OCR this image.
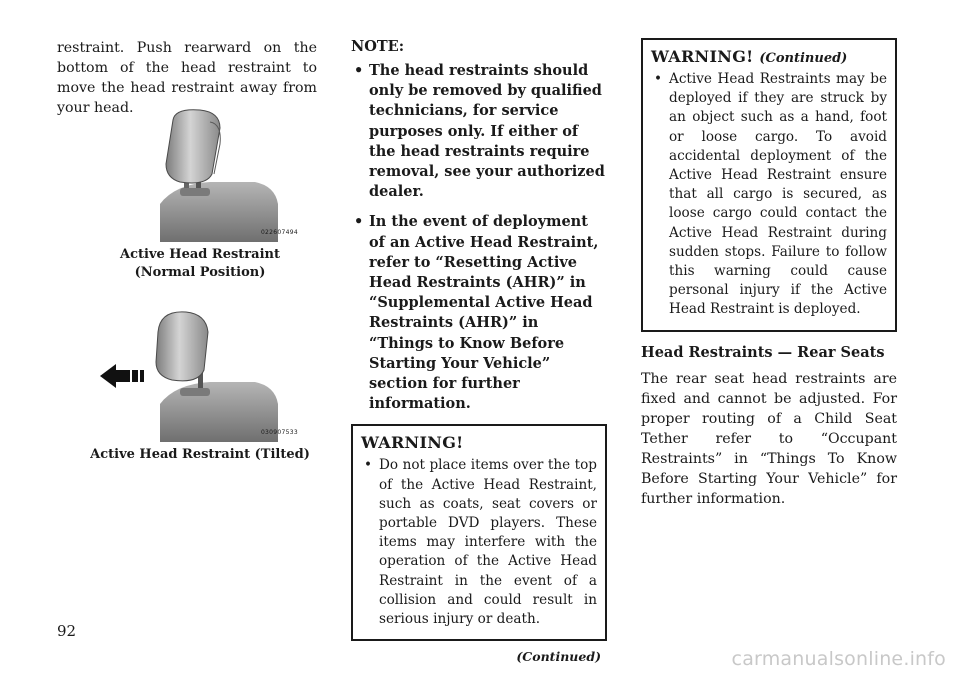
restraint. Push rearward on the bottom of the head restraint to move the head restraint away from your head.

022607494
Active Head Restraint
(Normal Position)
030907533
Active Head Restraint (Tilted)

NOTE:

• The head restraints should only be removed by qualified technicians, for service purposes only. If either of the head restraints require removal, see your authorized dealer.
• In the event of deployment of an Active Head Restraint, refer to “Resetting Active Head Restraints (AHR)” in “Supplemental Active Head Restraints (AHR)” in “Things to Know Before Starting Your Vehicle” section for further information.

WARNING!

• Do not place items over the top of the Active Head Restraint, such as coats, seat covers or portable DVD players. These items may interfere with the operation of the Active Head Restraint in the event of a collision and could result in serious injury or death.
(Continued)

WARNING! (Continued)

• Active Head Restraints may be deployed if they are struck by an object such as a hand, foot or loose cargo. To avoid accidental deployment of the Active Head Restraint ensure that all cargo is secured, as loose cargo could contact the Active Head Restraint during sudden stops. Failure to follow this warning could cause personal injury if the Active Head Restraint is deployed.

Head Restraints — Rear Seats

The rear seat head restraints are fixed and cannot be adjusted. For proper routing of a Child Seat Tether refer to “Occupant Restraints” in “Things To Know Before Starting Your Vehicle” for further information.

92
carmanualsonline.info
